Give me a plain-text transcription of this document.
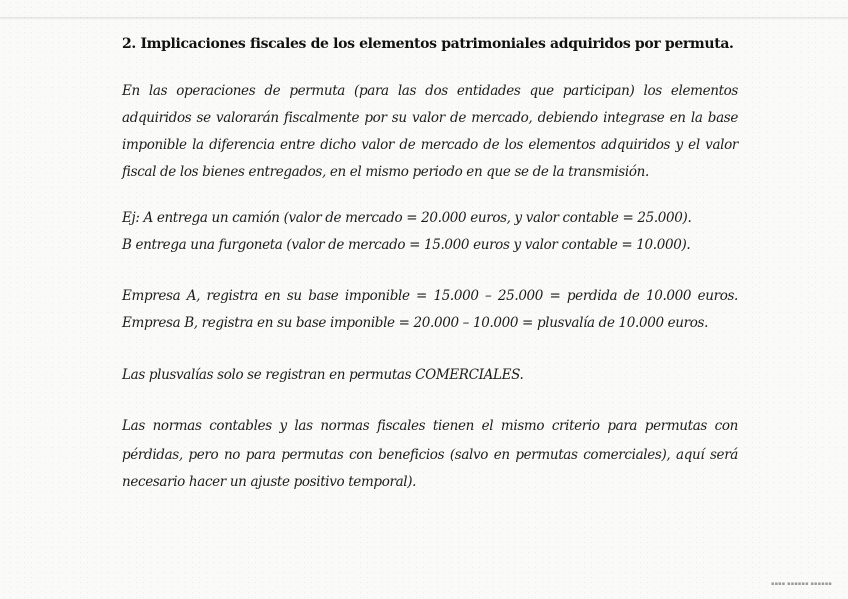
2. Implicaciones fiscales de los elementos patrimoniales adquiridos por permuta.
En las operaciones de permuta (para las dos entidades que participan) los elementos
adquiridos se valorarán fiscalmente por su valor de mercado, debiendo integrase en la base
imponible la diferencia entre dicho valor de mercado de los elementos adquiridos y el valor
fiscal de los bienes entregados, en el mismo periodo en que se de la transmisión.
Ej: A entrega un camión (valor de mercado = 20.000 euros, y valor contable = 25.000).
B entrega una furgoneta (valor de mercado = 15.000 euros y valor contable = 10.000).
Empresa A, registra en su base imponible = 15.000 – 25.000 = perdida de 10.000 euros.
Empresa B, registra en su base imponible = 20.000 – 10.000 = plusvalía de 10.000 euros.
Las plusvalías solo se registran en permutas COMERCIALES.
Las normas contables y las normas fiscales tienen el mismo criterio para permutas con
pérdidas, pero no para permutas con beneficios (salvo en permutas comerciales), aquí será
necesario hacer un ajuste positivo temporal).
▪▪▪▪ ▪▪▪▪▪▪ ▪▪▪▪▪▪
